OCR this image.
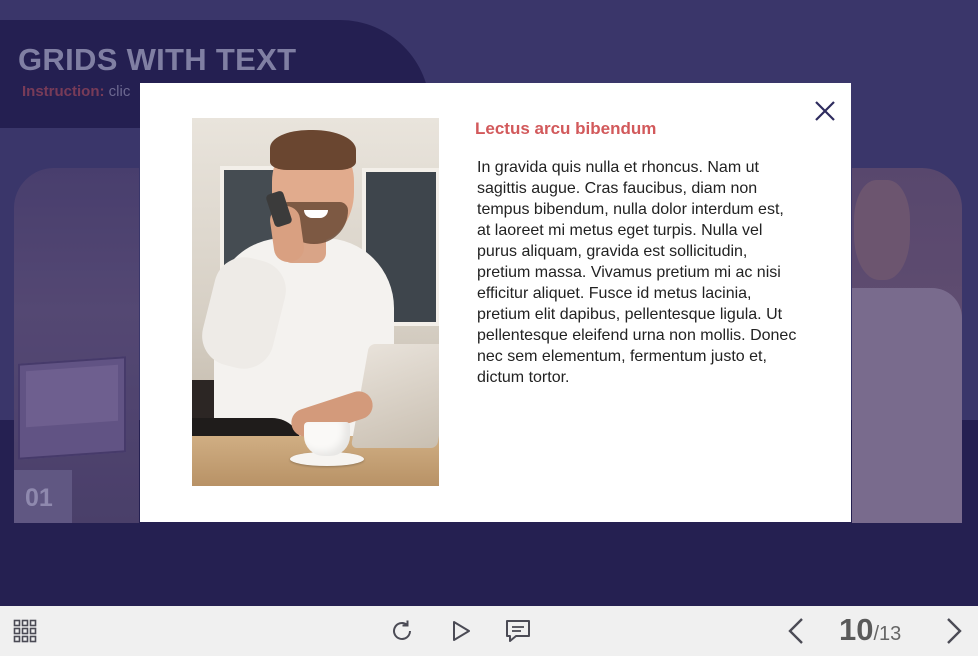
GRIDS WITH TEXT
Instruction: clic
01
Lectus arcu bibendum
In gravida quis nulla et rhoncus. Nam ut sagittis augue. Cras faucibus, diam non tempus bibendum, nulla dolor interdum est, at laoreet mi metus eget turpis. Nulla vel purus aliquam, gravida est sollicitudin, pretium massa. Vivamus pretium mi ac nisi efficitur aliquet. Fusce id metus lacinia, pretium elit dapibus, pellentesque ligula. Ut pellentesque eleifend urna non mollis. Donec nec sem elementum, fermentum justo et, dictum tortor.
10 / 13
